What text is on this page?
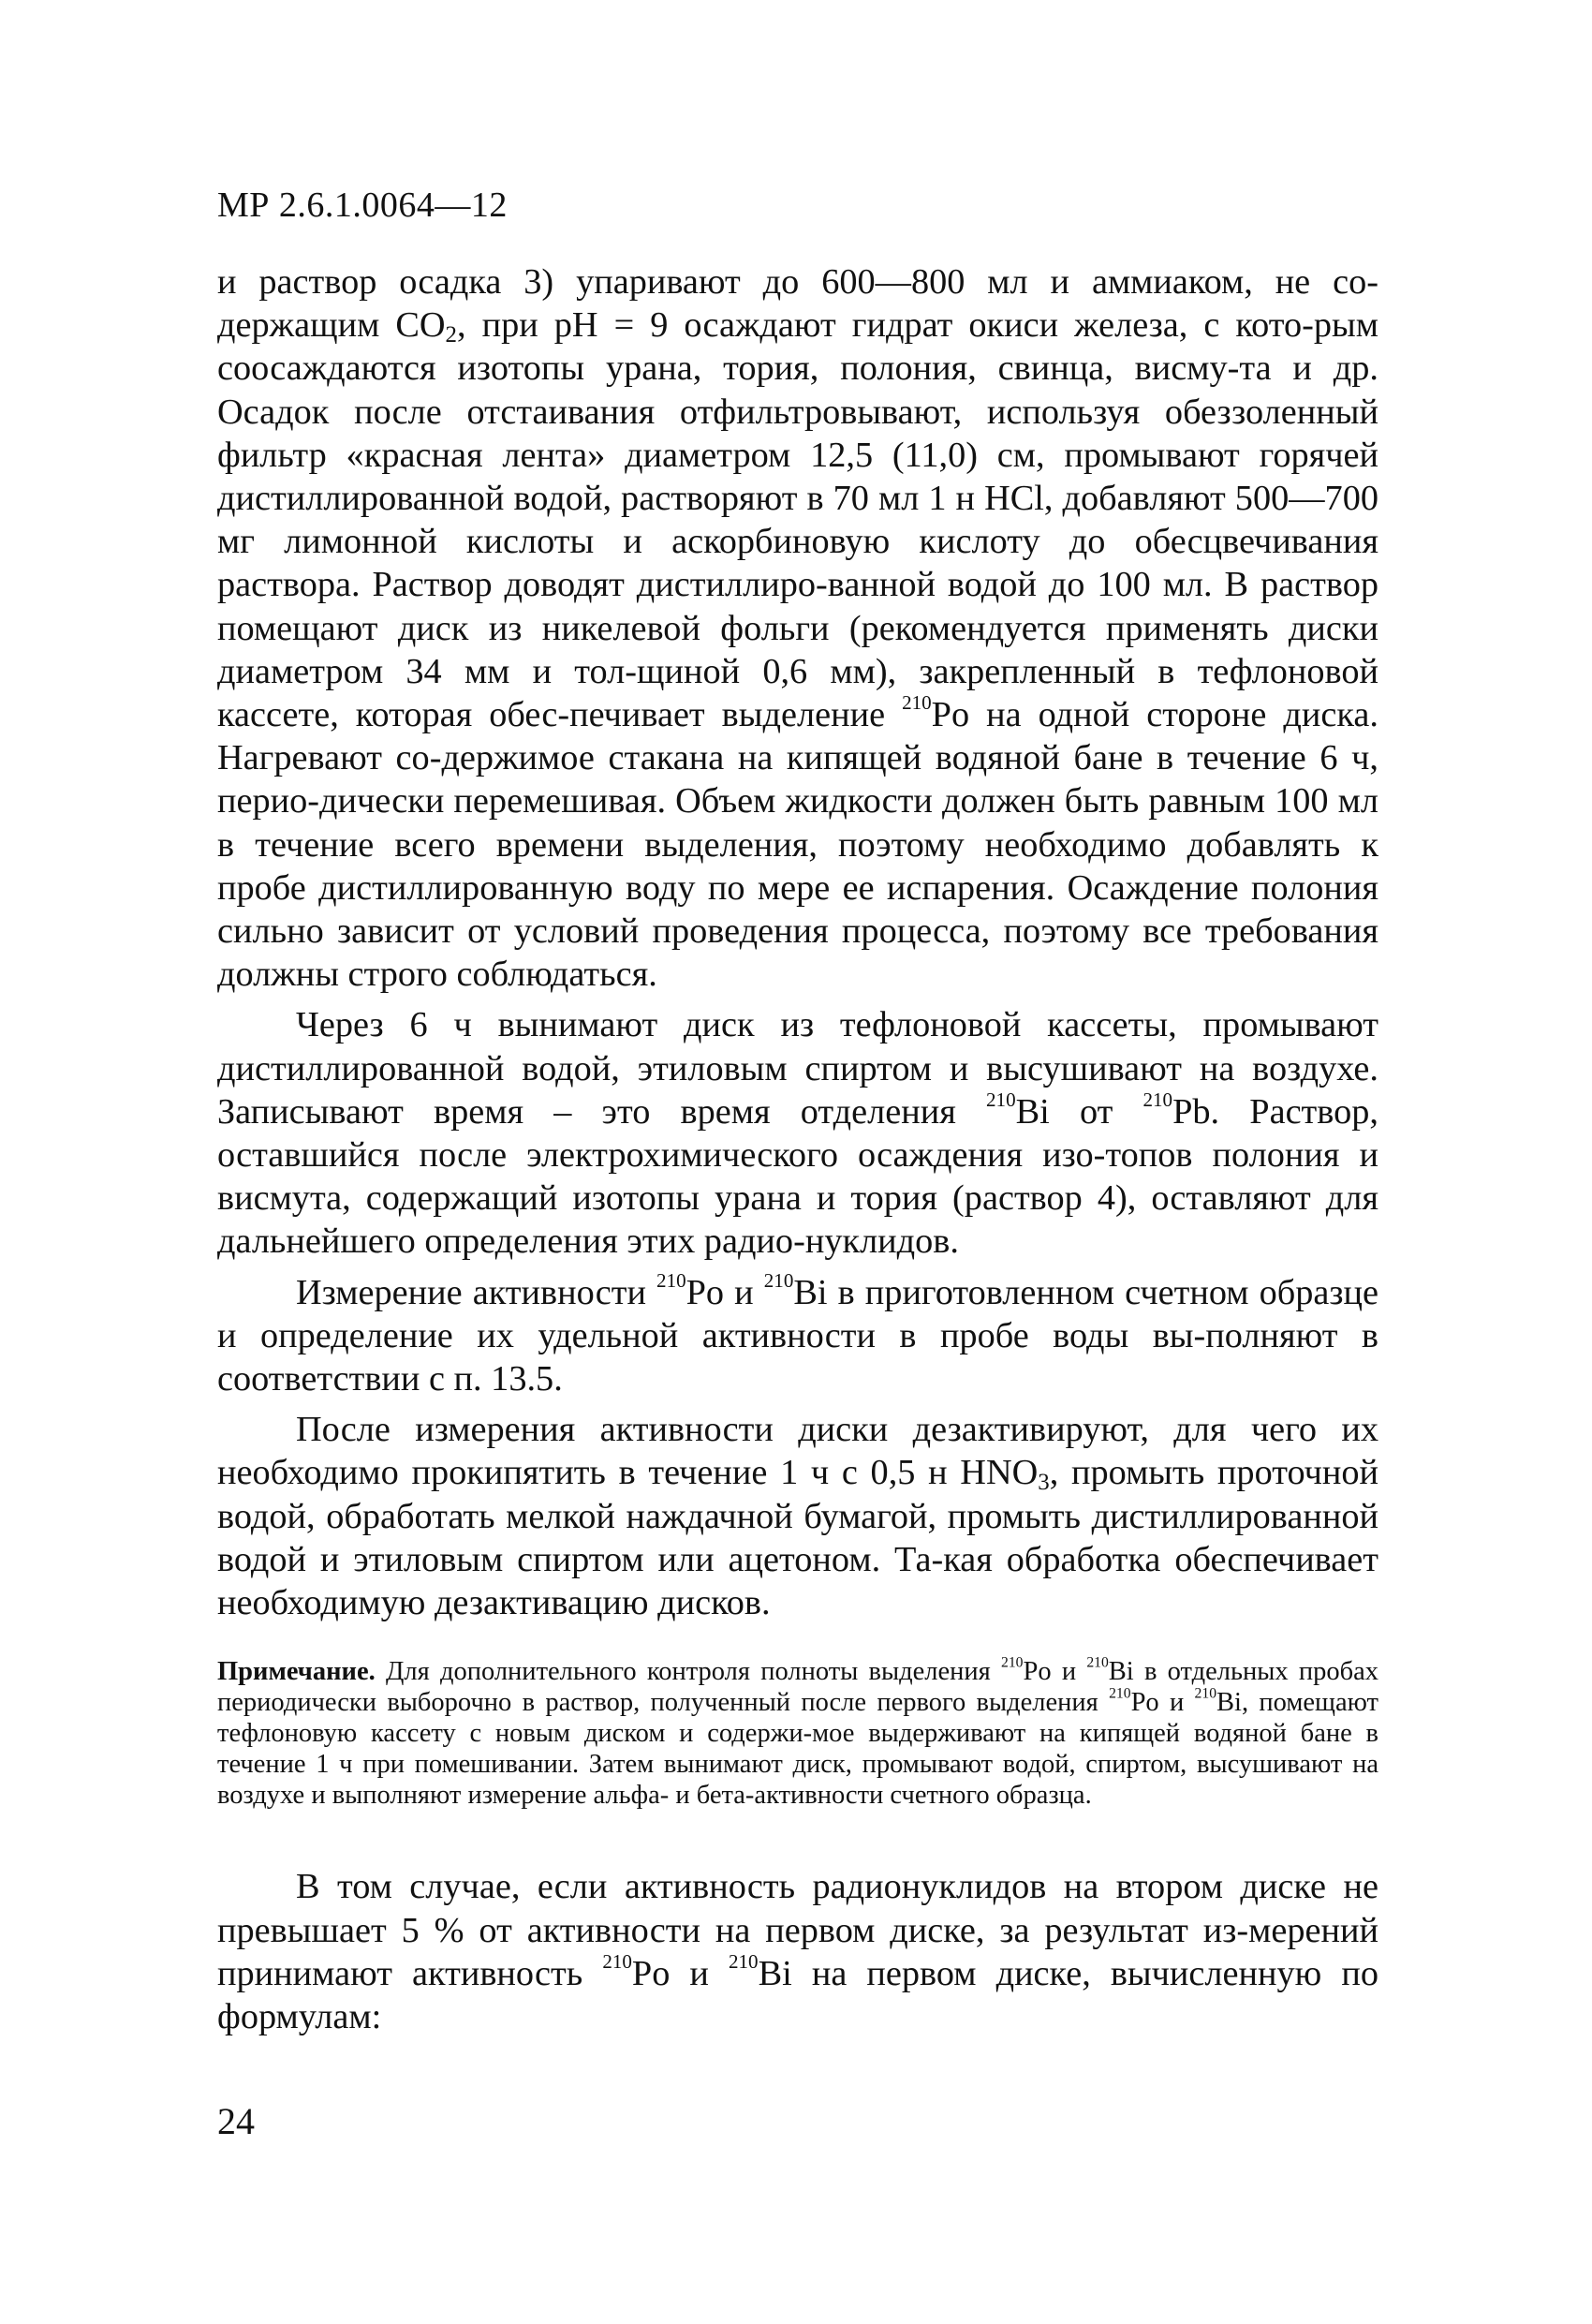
МР 2.6.1.0064—12

и раствор осадка 3) упаривают до 600—800 мл и аммиаком, не со-держащим $CO_2$, при pH = 9 осаждают гидрат окиси железа, с кото-рым соосаждаются изотопы урана, тория, полония, свинца, висму-та и др. Осадок после отстаивания отфильтровывают, используя обеззоленный фильтр «красная лента» диаметром 12,5 (11,0) см, промывают горячей дистиллированной водой, растворяют в 70 мл 1 н HCl, добавляют 500—700 мг лимонной кислоты и аскорбиновую кислоту до обесцвечивания раствора. Раствор доводят дистиллиро-ванной водой до 100 мл. В раствор помещают диск из никелевой фольги (рекомендуется применять диски диаметром 34 мм и тол-щиной 0,6 мм), закрепленный в тефлоновой кассете, которая обес-печивает выделение $^{210}$Po на одной стороне диска. Нагревают со-держимое стакана на кипящей водяной бане в течение 6 ч, перио-дически перемешивая. Объем жидкости должен быть равным 100 мл в течение всего времени выделения, поэтому необходимо добавлять к пробе дистиллированную воду по мере ее испарения. Осаждение полония сильно зависит от условий проведения процесса, поэтому все требования должны строго соблюдаться.

Через 6 ч вынимают диск из тефлоновой кассеты, промывают дистиллированной водой, этиловым спиртом и высушивают на воздухе. Записывают время – это время отделения $^{210}$Bi от $^{210}$Pb. Раствор, оставшийся после электрохимического осаждения изо-топов полония и висмута, содержащий изотопы урана и тория (раствор 4), оставляют для дальнейшего определения этих радио-нуклидов.

Измерение активности $^{210}$Po и $^{210}$Bi в приготовленном счетном образце и определение их удельной активности в пробе воды вы-полняют в соответствии с п. 13.5.

После измерения активности диски дезактивируют, для чего их необходимо прокипятить в течение 1 ч с 0,5 н $HNO_3$, промыть проточной водой, обработать мелкой наждачной бумагой, промыть дистиллированной водой и этиловым спиртом или ацетоном. Та-кая обработка обеспечивает необходимую дезактивацию дисков.

Примечание. Для дополнительного контроля полноты выделения $^{210}$Po и $^{210}$Bi в отдельных пробах периодически выборочно в раствор, полученный после первого выделения $^{210}$Po и $^{210}$Bi, помещают тефлоновую кассету с новым диском и содержи-мое выдерживают на кипящей водяной бане в течение 1 ч при помешивании. Затем вынимают диск, промывают водой, спиртом, высушивают на воздухе и выполняют измерение альфа- и бета-активности счетного образца.

В том случае, если активность радионуклидов на втором диске не превышает 5 % от активности на первом диске, за результат из-мерений принимают активность $^{210}$Po и $^{210}$Bi на первом диске, вычисленную по формулам:

24
